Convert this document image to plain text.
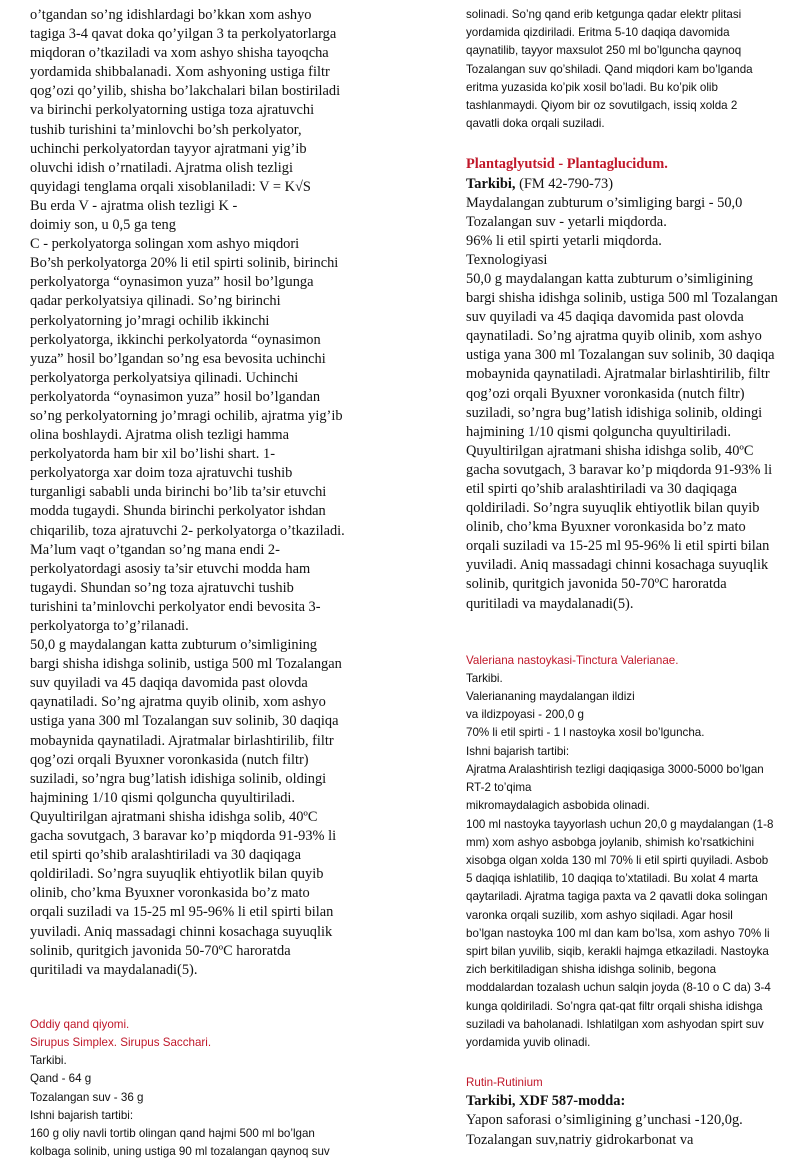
o’tgandan so’ng idishlardagi bo’kkan xom ashyo
tagiga 3-4 qavat doka qo’yilgan 3 ta perkolyatorlarga
miqdoran o’tkaziladi va xom ashyo shisha tayoqcha
yordamida shibbalanadi. Xom ashyoning ustiga filtr
qog’ozi qo’yilib, shisha bo’lakchalari bilan bostiriladi
va birinchi perkolyatorning ustiga toza ajratuvchi
tushib turishini ta’minlovchi bo’sh perkolyator,
uchinchi perkolyatordan tayyor ajratmani yig’ib
oluvchi idish o’rnatiladi. Ajratma olish tezligi
quyidagi tenglama orqali xisoblaniladi: V = K√S
Bu erda V - ajratma olish tezligi K -
doimiy son, u 0,5 ga teng
C - perkolyatorga solingan xom ashyo miqdori
Bo’sh perkolyatorga 20% li etil spirti solinib, birinchi
perkolyatorga “oynasimon yuza” hosil bo’lgunga
qadar perkolyatsiya qilinadi. So’ng birinchi
perkolyatorning jo’mragi ochilib ikkinchi
perkolyatorga, ikkinchi perkolyatorda “oynasimon
yuza” hosil bo’lgandan so’ng esa bevosita uchinchi
perkolyatorga perkolyatsiya qilinadi. Uchinchi
perkolyatorda “oynasimon yuza” hosil bo’lgandan
so’ng perkolyatorning jo’mragi ochilib, ajratma yig’ib
olina boshlaydi. Ajratma olish tezligi hamma
perkolyatorda ham bir xil bo’lishi shart. 1-
perkolyatorga xar doim toza ajratuvchi tushib
turganligi sababli unda birinchi bo’lib ta’sir etuvchi
modda tugaydi. Shunda birinchi perkolyator ishdan
chiqarilib, toza ajratuvchi 2- perkolyatorga o’tkaziladi.
Ma’lum vaqt o’tgandan so’ng mana endi 2-
perkolyatordagi asosiy ta’sir etuvchi modda ham
tugaydi. Shundan so’ng toza ajratuvchi tushib
turishini ta’minlovchi perkolyator endi bevosita 3-
perkolyatorga to’g’rilanadi.
50,0 g maydalangan katta zubturum o’simligining
bargi shisha idishga solinib, ustiga 500 ml Tozalangan
suv quyiladi va 45 daqiqa davomida past olovda
qaynatiladi. So’ng ajratma quyib olinib, xom ashyo
ustiga yana 300 ml Tozalangan suv solinib, 30 daqiqa
mobaynida qaynatiladi. Ajratmalar birlashtirilib, filtr
qog’ozi orqali Byuxner voronkasida (nutch filtr)
suziladi, so’ngra bug’latish idishiga solinib, oldingi
hajmining 1/10 qismi qolguncha quyultiriladi.
Quyultirilgan ajratmani shisha idishga solib, 40ºC
gacha sovutgach, 3 baravar ko’p miqdorda 91-93% li
etil spirti qo’shib aralashtiriladi va 30 daqiqaga
qoldiriladi. So’ngra suyuqlik ehtiyotlik bilan quyib
olinib, cho’kma Byuxner voronkasida bo’z mato
orqali suziladi va 15-25 ml 95-96% li etil spirti bilan
yuviladi. Aniq massadagi chinni kosachaga suyuqlik
solinib, quritgich javonida 50-70ºC haroratda
quritiladi va maydalanadi(5).
Oddiy qand qiyomi.
Sirupus Simplex. Sirupus Sacchari.
Tarkibi.
Qand - 64 g
Tozalangan suv - 36 g
Ishni bajarish tartibi:
160 g oliy navli tortib olingan qand hajmi 500 ml bo’lgan
kolbaga solinib, uning ustiga 90 ml tozalangan qaynoq suv
solinadi. So’ng qand erib ketgunga qadar elektr plitasi
yordamida qizdiriladi. Eritma 5-10 daqiqa davomida
qaynatilib, tayyor maxsulot 250 ml bo’lguncha qaynoq
Tozalangan suv qo’shiladi. Qand miqdori kam bo’lganda
eritma yuzasida ko’pik xosil bo’ladi. Bu ko’pik olib
tashlanmaydi. Qiyom bir oz sovutilgach, issiq xolda 2
qavatli doka orqali suziladi.
Plantaglyutsid - Plantaglucidum.
Tarkibi, (FM 42-790-73)
Maydalangan zubturum o’simliging bargi - 50,0
Tozalangan suv - yetarli miqdorda.
96% li etil spirti yetarli miqdorda.
Texnologiyasi
50,0 g maydalangan katta zubturum o’simligining
bargi shisha idishga solinib, ustiga 500 ml Tozalangan
suv quyiladi va 45 daqiqa davomida past olovda
qaynatiladi. So’ng ajratma quyib olinib, xom ashyo
ustiga yana 300 ml Tozalangan suv solinib, 30 daqiqa
mobaynida qaynatiladi. Ajratmalar birlashtirilib, filtr
qog’ozi orqali Byuxner voronkasida (nutch filtr)
suziladi, so’ngra bug’latish idishiga solinib, oldingi
hajmining 1/10 qismi qolguncha quyultiriladi.
Quyultirilgan ajratmani shisha idishga solib, 40ºC
gacha sovutgach, 3 baravar ko’p miqdorda 91-93% li
etil spirti qo’shib aralashtiriladi va 30 daqiqaga
qoldiriladi. So’ngra suyuqlik ehtiyotlik bilan quyib
olinib, cho’kma Byuxner voronkasida bo’z mato
orqali suziladi va 15-25 ml 95-96% li etil spirti bilan
yuviladi. Aniq massadagi chinni kosachaga suyuqlik
solinib, quritgich javonida 50-70ºC haroratda
quritiladi va maydalanadi(5).
Valeriana nastoykasi-Tinctura Valerianae.
Tarkibi.
Valerian​aning maydalangan ildizi
va ildizpoyasi - 200,0 g
70% li etil spirti - 1 l nastoyka xosil bo’lguncha.
Ishni bajarish tartibi:
Ajratma Aralashtirish tezligi daqiqasiga 3000-5000 bo’lgan
RT-2 to’qima
mikromaydalagich asbobida olinadi.
100 ml nastoyka tayyorlash uchun 20,0 g maydalangan (1-8
mm) xom ashyo asbobga joylanib, shimish ko’rsatkichini
xisobga olgan xolda 130 ml 70% li etil spirti quyiladi. Asbob
5 daqiqa ishlatilib, 10 daqiqa to’xtatiladi. Bu xolat 4 marta
qaytariladi. Ajratma tagiga paxta va 2 qavatli doka solingan
varonka orqali suzilib, xom ashyo siqiladi. Agar hosil
bo’lgan nastoyka 100 ml dan kam bo’lsa, xom ashyo 70% li
spirt bilan yuvilib, siqib, kerakli hajmga etkaziladi. Nastoyka
zich berkitiladigan shisha idishga solinib, begona
moddalardan tozalash uchun salqin joyda (8-10 o C da) 3-4
kunga qoldiriladi. So’ngra qat-qat filtr orqali shisha idishga
suziladi va baholanadi. Ishlatilgan xom ashyodan spirt suv
yordamida yuvib olinadi.
Rutin-Rutinium
Tarkibi, XDF 587-modda:
Yapon saforasi o’simligining g’unchasi -120,0g.
Tozalangan suv,natriy gidrokarbonat va
